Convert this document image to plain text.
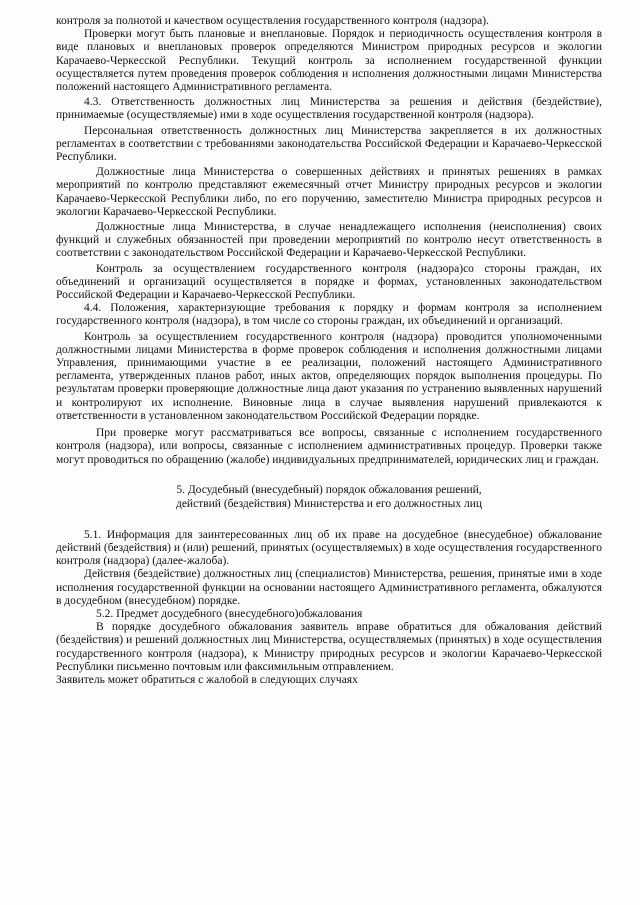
контроля за полнотой и качеством осуществления государственного контроля (надзора).

Проверки могут быть плановые и внеплановые. Порядок и периодичность осуществления контроля в виде плановых и внеплановых проверок определяются Министром природных ресурсов и экологии Карачаево-Черкесской Республики. Текущий контроль за исполнением государственной функции осуществляется путем проведения проверок соблюдения и исполнения должностными лицами Министерства положений настоящего Административного регламента.

4.3. Ответственность должностных лиц Министерства за решения и действия (бездействие), принимаемые (осуществляемые) ими в ходе осуществления государственной контроля (надзора).

Персональная ответственность должностных лиц Министерства закрепляется в их должностных регламентах в соответствии с требованиями законодательства Российской Федерации и Карачаево-Черкесской Республики.

Должностные лица Министерства о совершенных действиях и принятых решениях в рамках мероприятий по контролю представляют ежемесячный отчет Министру природных ресурсов и экологии Карачаево-Черкесской Республики либо, по его поручению, заместителю Министра природных ресурсов и экологии Карачаево-Черкесской Республики.

Должностные лица Министерства, в случае ненадлежащего исполнения (неисполнения) своих функций и служебных обязанностей при проведении мероприятий по контролю несут ответственность в соответствии с законодательством Российской Федерации и Карачаево-Черкесской Республики.

Контроль за осуществлением государственного контроля (надзора)со стороны граждан, их объединений и организаций осуществляется в порядке и формах, установленных законодательством Российской Федерации и Карачаево-Черкесской Республики.

4.4. Положения, характеризующие требования к порядку и формам контроля за исполнением государственного контроля (надзора), в том числе со стороны граждан, их объединений и организаций.

Контроль за осуществлением государственного контроля (надзора) проводится уполномоченными должностными лицами Министерства в форме проверок соблюдения и исполнения должностными лицами Управления, принимающими участие в ее реализации, положений настоящего Административного регламента, утвержденных планов работ, иных актов, определяющих порядок выполнения процедуры. По результатам проверки проверяющие должностные лица дают указания по устранению выявленных нарушений и контролируют их исполнение. Виновные лица в случае выявления нарушений привлекаются к ответственности в установленном законодательством Российской Федерации порядке.

При проверке могут рассматриваться все вопросы, связанные с исполнением государственного контроля (надзора), или вопросы, связанные с исполнением административных процедур. Проверки также могут проводиться по обращению (жалобе) индивидуальных предпринимателей, юридических лиц и граждан.

5. Досудебный (внесудебный) порядок обжалования решений,
действий (бездействия) Министерства и его должностных лиц

5.1. Информация для заинтересованных лиц об их праве на досудебное (внесудебное) обжалование действий (бездействия) и (или) решений, принятых (осуществляемых) в ходе осуществления государственного контроля (надзора) (далее-жалоба).

Действия (бездействие) должностных лиц (специалистов) Министерства, решения, принятые ими в ходе исполнения государственной функции на основании настоящего Административного регламента, обжалуются в досудебном (внесудебном) порядке.

5.2. Предмет досудебного (внесудебного)обжалования

В порядке досудебного обжалования заявитель вправе обратиться для обжалования действий (бездействия) и решений должностных лиц Министерства, осуществляемых (принятых) в ходе осуществления государственного контроля (надзора), к Министру природных ресурсов и экологии Карачаево-Черкесской Республики письменно почтовым или факсимильным отправлением.

Заявитель может обратиться с жалобой в следующих случаях
